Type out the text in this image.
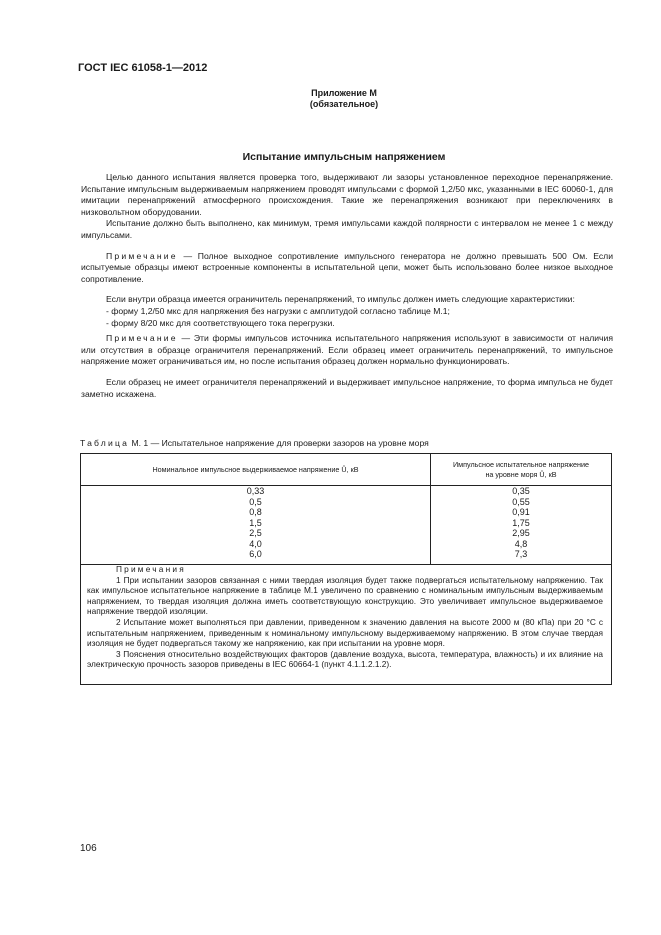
ГОСТ IEC 61058-1—2012
Приложение М
(обязательное)
Испытание импульсным напряжением

Целью данного испытания является проверка того, выдерживают ли зазоры установленное переходное перенапряжение. Испытание импульсным выдерживаемым напряжением проводят импульсами с формой 1,2/50 мкс, указанными в IEC 60060-1, для имитации перенапряжений атмосферного происхождения. Такие же перенапряжения возникают при переключениях в низковольтном оборудовании.

Испытание должно быть выполнено, как минимум, тремя импульсами каждой полярности с интервалом не менее 1 с между импульсами.

Примечание — Полное выходное сопротивление импульсного генератора не должно превышать 500 Ом. Если испытуемые образцы имеют встроенные компоненты в испытательной цепи, может быть использовано более низкое выходное сопротивление.

Если внутри образца имеется ограничитель перенапряжений, то импульс должен иметь следующие характеристики:

- форму 1,2/50 мкс для напряжения без нагрузки с амплитудой согласно таблице М.1;

- форму 8/20 мкс для соответствующего тока перегрузки.

Примечание — Эти формы импульсов источника испытательного напряжения используют в зависимости от наличия или отсутствия в образце ограничителя перенапряжений. Если образец имеет ограничитель перенапряжений, то импульсное напряжение может ограничиваться им, но после испытания образец должен нормально функционировать.

Если образец не имеет ограничителя перенапряжений и выдерживает импульсное напряжение, то форма импульса не будет заметно искажена.

Таблица М. 1 — Испытательное напряжение для проверки зазоров на уровне моря
Номинальное импульсное выдерживаемое напряжение Û, кВ
Импульсное испытательное напряжение
на уровне моря Û, кВ
0,33
0,5
0,8
1,5
2,5
4,0
6,0
0,35
0,55
0,91
1,75
2,95
4,8
7,3
Примечания

1 При испытании зазоров связанная с ними твердая изоляция будет также подвергаться испытательному напряжению. Так как импульсное испытательное напряжение в таблице М.1 увеличено по сравнению с номинальным импульсным выдерживаемым напряжением, то твердая изоляция должна иметь соответствующую конструкцию. Это увеличивает импульсное выдерживаемое напряжение твердой изоляции.

2 Испытание может выполняться при давлении, приведенном к значению давления на высоте 2000 м (80 кПа) при 20 °С с испытательным напряжением, приведенным к номинальному импульсному выдерживаемому напряжению. В этом случае твердая изоляция не будет подвергаться такому же напряжению, как при испытании на уровне моря.

3 Пояснения относительно воздействующих факторов (давление воздуха, высота, температура, влажность) и их влияние на электрическую прочность зазоров приведены в IEC 60664-1 (пункт 4.1.1.2.1.2).

106
